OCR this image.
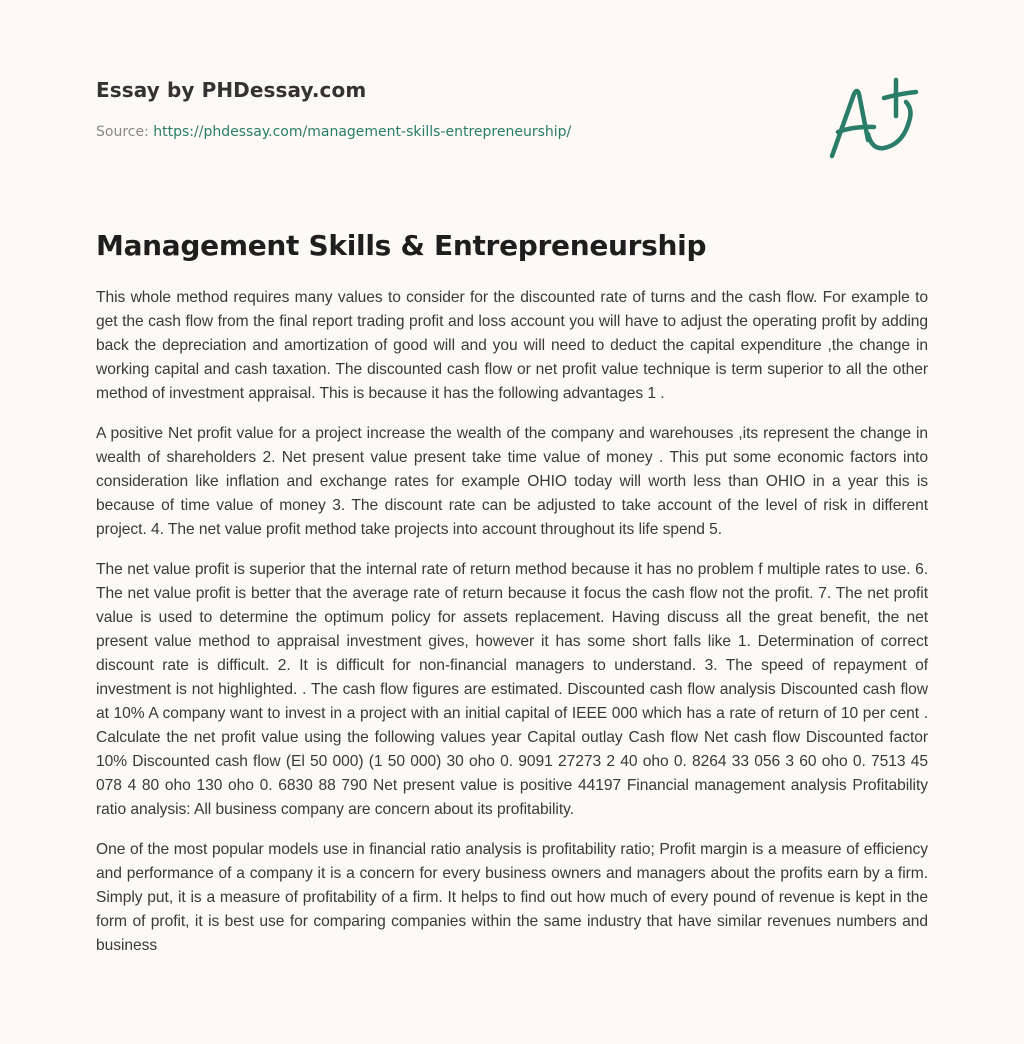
Essay by PHDessay.com
Source: https://phdessay.com/management-skills-entrepreneurship/
Management Skills & Entrepreneurship

This whole method requires many values to consider for the discounted rate of turns and the cash flow. For example to get the cash flow from the final report trading profit and loss account you will have to adjust the operating profit by adding back the depreciation and amortization of good will and you will need to deduct the capital expenditure ,the change in working capital and cash taxation. The discounted cash flow or net profit value technique is term superior to all the other method of investment appraisal. This is because it has the following advantages 1 .

A positive Net profit value for a project increase the wealth of the company and warehouses ,its represent the change in wealth of shareholders 2. Net present value present take time value of money . This put some economic factors into consideration like inflation and exchange rates for example OHIO today will worth less than OHIO in a year this is because of time value of money 3. The discount rate can be adjusted to take account of the level of risk in different project. 4. The net value profit method take projects into account throughout its life spend 5.

The net value profit is superior that the internal rate of return method because it has no problem f multiple rates to use. 6. The net value profit is better that the average rate of return because it focus the cash flow not the profit. 7. The net profit value is used to determine the optimum policy for assets replacement. Having discuss all the great benefit, the net present value method to appraisal investment gives, however it has some short falls like 1. Determination of correct discount rate is difficult. 2. It is difficult for non-financial managers to understand. 3. The speed of repayment of investment is not highlighted. . The cash flow figures are estimated. Discounted cash flow analysis Discounted cash flow at 10% A company want to invest in a project with an initial capital of IEEE 000 which has a rate of return of 10 per cent . Calculate the net profit value using the following values year Capital outlay Cash flow Net cash flow Discounted factor 10% Discounted cash flow (El 50 000) (1 50 000) 30 oho 0. 9091 27273 2 40 oho 0. 8264 33 056 3 60 oho 0. 7513 45 078 4 80 oho 130 oho 0. 6830 88 790 Net present value is positive 44197 Financial management analysis Profitability ratio analysis: All business company are concern about its profitability.

One of the most popular models use in financial ratio analysis is profitability ratio; Profit margin is a measure of efficiency and performance of a company it is a concern for every business owners and managers about the profits earn by a firm. Simply put, it is a measure of profitability of a firm. It helps to find out how much of every pound of revenue is kept in the form of profit, it is best use for comparing companies within the same industry that have similar revenues numbers and business
